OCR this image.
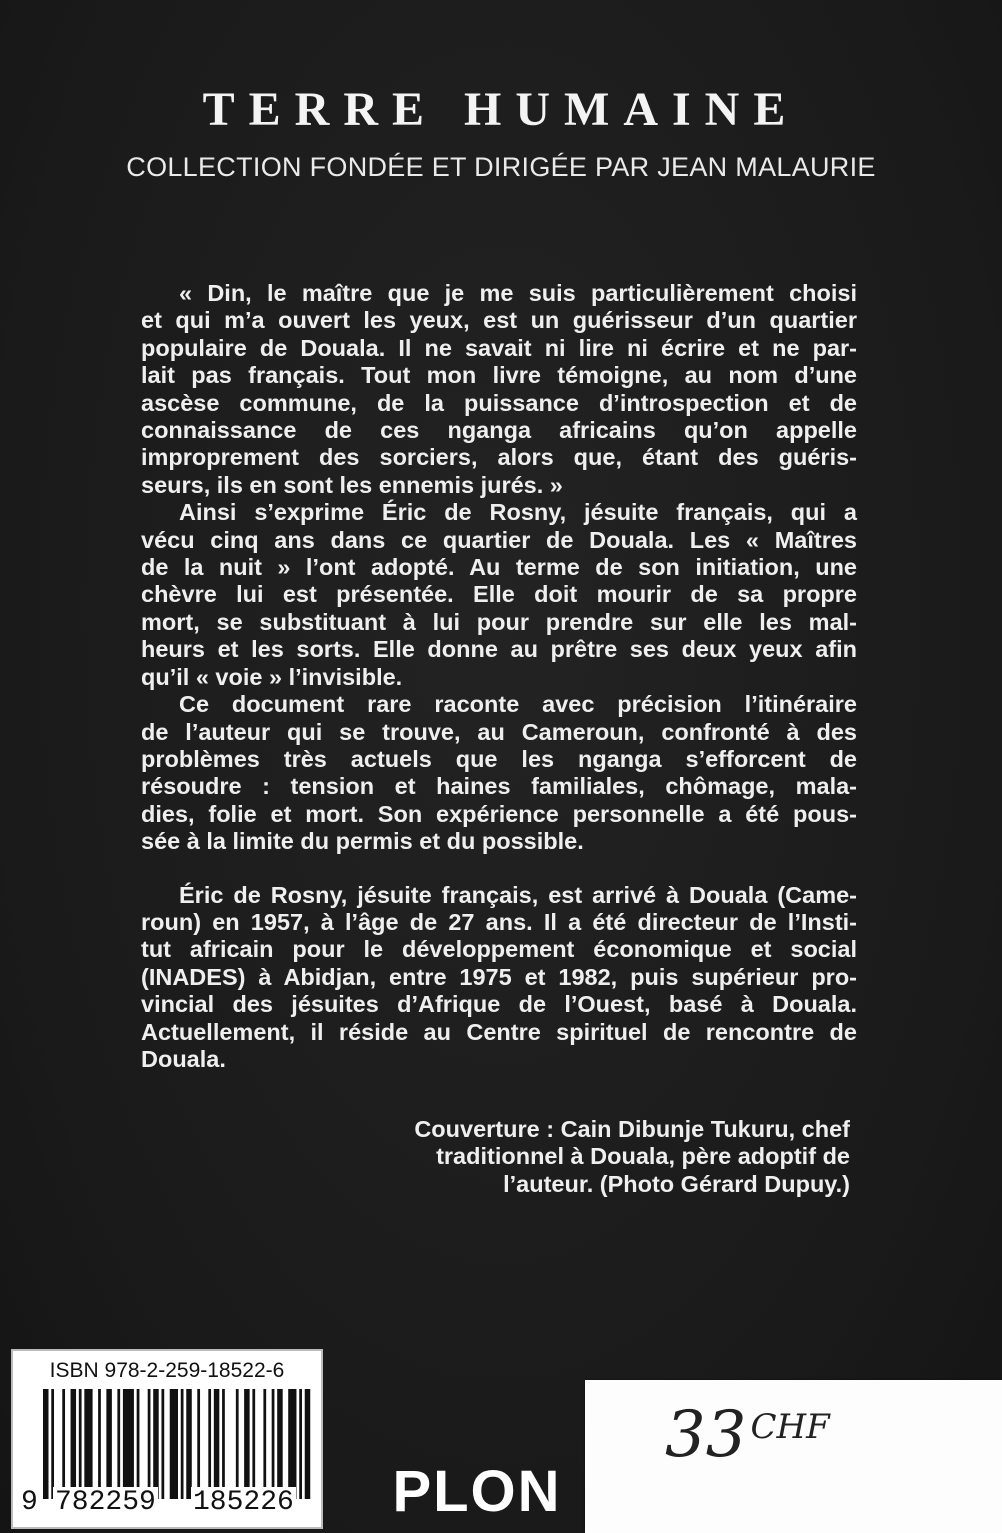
TERRE HUMAINE
COLLECTION FONDÉE ET DIRIGÉE PAR JEAN MALAURIE
« Din, le maître que je me suis particulièrement choisi
et qui m’a ouvert les yeux, est un guérisseur d’un quartier
populaire de Douala. Il ne savait ni lire ni écrire et ne par-
lait pas français. Tout mon livre témoigne, au nom d’une
ascèse commune, de la puissance d’introspection et de
connaissance de ces nganga africains qu’on appelle
improprement des sorciers, alors que, étant des guéris-
seurs, ils en sont les ennemis jurés. »
Ainsi s’exprime Éric de Rosny, jésuite français, qui a
vécu cinq ans dans ce quartier de Douala. Les « Maîtres
de la nuit » l’ont adopté. Au terme de son initiation, une
chèvre lui est présentée. Elle doit mourir de sa propre
mort, se substituant à lui pour prendre sur elle les mal-
heurs et les sorts. Elle donne au prêtre ses deux yeux afin
qu’il « voie » l’invisible.
Ce document rare raconte avec précision l’itinéraire
de l’auteur qui se trouve, au Cameroun, confronté à des
problèmes très actuels que les nganga s’efforcent de
résoudre : tension et haines familiales, chômage, mala-
dies, folie et mort. Son expérience personnelle a été pous-
sée à la limite du permis et du possible.
Éric de Rosny, jésuite français, est arrivé à Douala (Came-
roun) en 1957, à l’âge de 27 ans. Il a été directeur de l’Insti-
tut africain pour le développement économique et social
(INADES) à Abidjan, entre 1975 et 1982, puis supérieur pro-
vincial des jésuites d’Afrique de l’Ouest, basé à Douala.
Actuellement, il réside au Centre spirituel de rencontre de
Douala.
Couverture : Cain Dibunje Tukuru, chef
traditionnel à Douala, père adoptif de
l’auteur. (Photo Gérard Dupuy.)
ISBN 978-2-259-18522-6
9 782259 185226 PLON
33 $^{CHF}$
